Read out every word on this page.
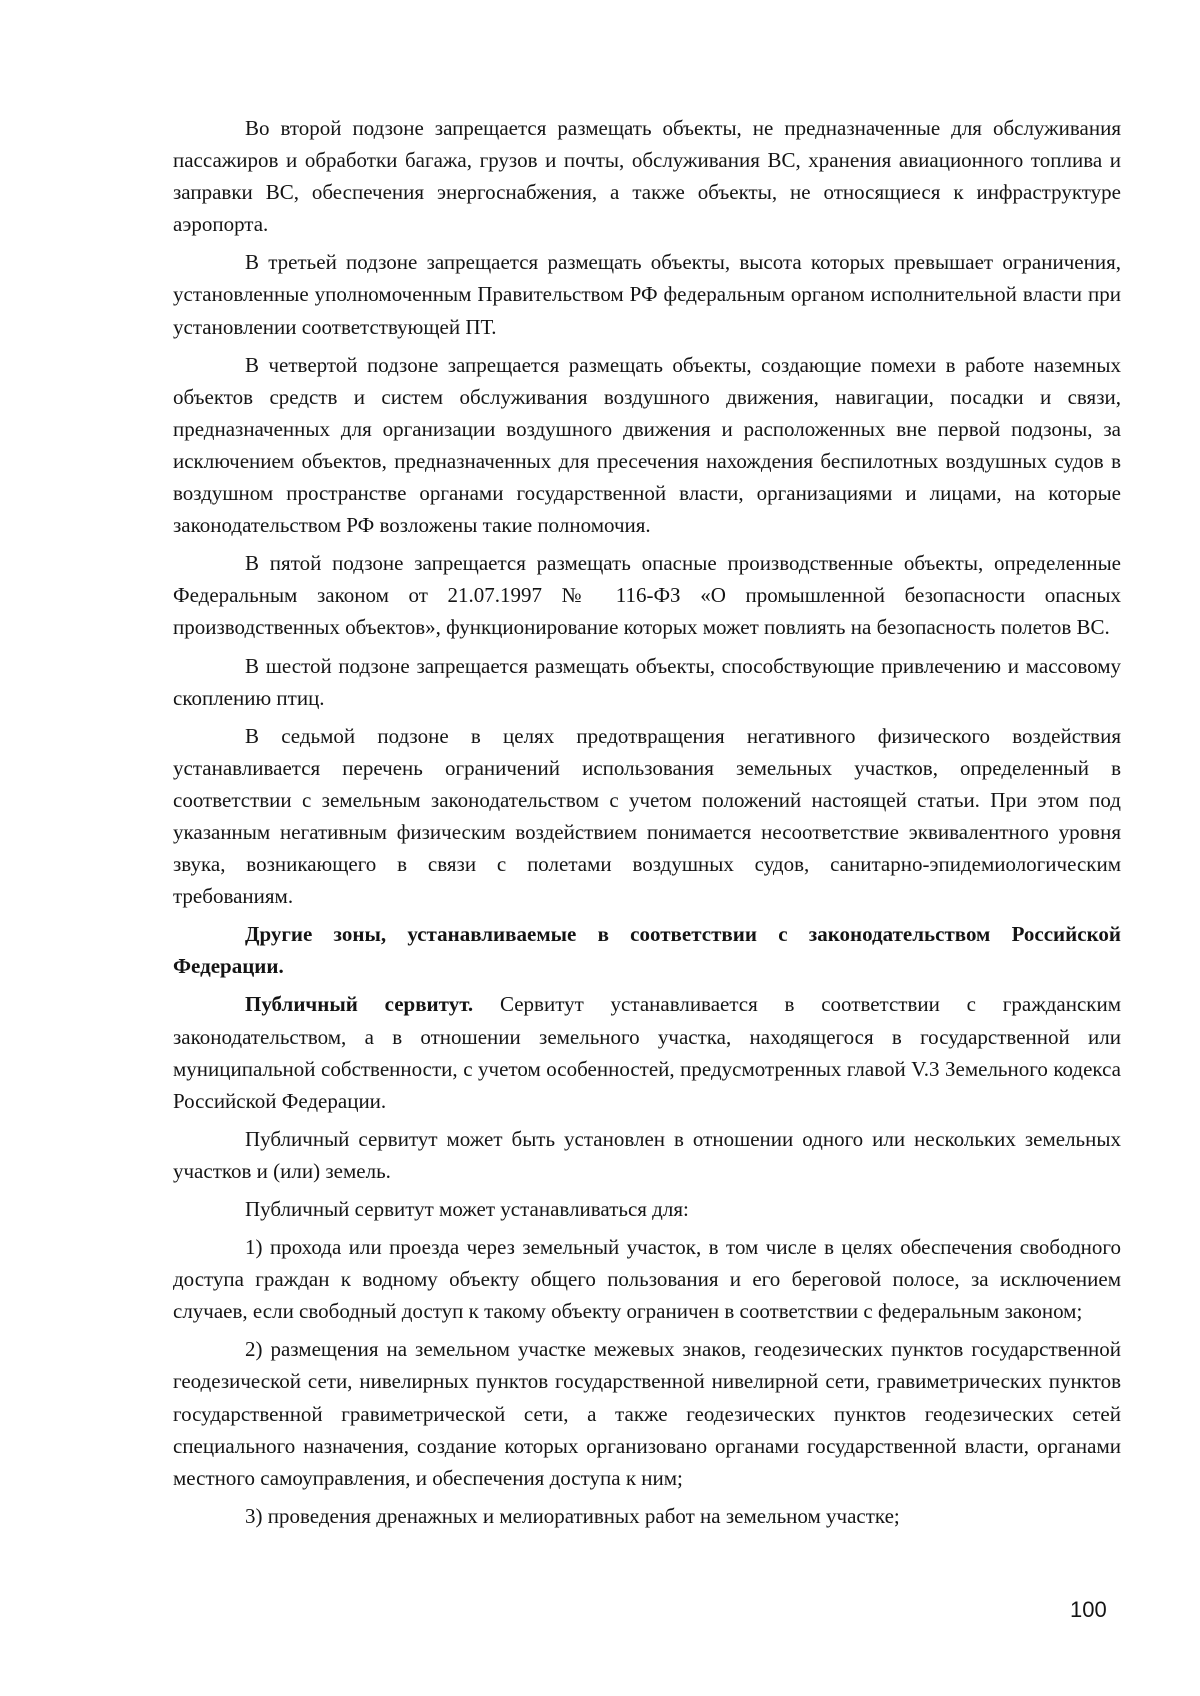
Во второй подзоне запрещается размещать объекты, не предназначенные для обслуживания пассажиров и обработки багажа, грузов и почты, обслуживания ВС, хранения авиационного топлива и заправки ВС, обеспечения энергоснабжения, а также объекты, не относящиеся к инфраструктуре аэропорта.

В третьей подзоне запрещается размещать объекты, высота которых превышает ограничения, установленные уполномоченным Правительством РФ федеральным органом исполнительной власти при установлении соответствующей ПТ.

В четвертой подзоне запрещается размещать объекты, создающие помехи в работе наземных объектов средств и систем обслуживания воздушного движения, навигации, посадки и связи, предназначенных для организации воздушного движения и расположенных вне первой подзоны, за исключением объектов, предназначенных для пресечения нахождения беспилотных воздушных судов в воздушном пространстве органами государственной власти, организациями и лицами, на которые законодательством РФ возложены такие полномочия.

В пятой подзоне запрещается размещать опасные производственные объекты, определенные Федеральным законом от 21.07.1997 № 116-ФЗ «О промышленной безопасности опасных производственных объектов», функционирование которых может повлиять на безопасность полетов ВС.

В шестой подзоне запрещается размещать объекты, способствующие привлечению и массовому скоплению птиц.

В седьмой подзоне в целях предотвращения негативного физического воздействия устанавливается перечень ограничений использования земельных участков, определенный в соответствии с земельным законодательством с учетом положений настоящей статьи. При этом под указанным негативным физическим воздействием понимается несоответствие эквивалентного уровня звука, возникающего в связи с полетами воздушных судов, санитарно-эпидемиологическим требованиям.

Другие зоны, устанавливаемые в соответствии с законодательством Российской Федерации.

Публичный сервитут. Сервитут устанавливается в соответствии с гражданским законодательством, а в отношении земельного участка, находящегося в государственной или муниципальной собственности, с учетом особенностей, предусмотренных главой V.3 Земельного кодекса Российской Федерации.

Публичный сервитут может быть установлен в отношении одного или нескольких земельных участков и (или) земель.

Публичный сервитут может устанавливаться для:

1) прохода или проезда через земельный участок, в том числе в целях обеспечения свободного доступа граждан к водному объекту общего пользования и его береговой полосе, за исключением случаев, если свободный доступ к такому объекту ограничен в соответствии с федеральным законом;

2) размещения на земельном участке межевых знаков, геодезических пунктов государственной геодезической сети, нивелирных пунктов государственной нивелирной сети, гравиметрических пунктов государственной гравиметрической сети, а также геодезических пунктов геодезических сетей специального назначения, создание которых организовано органами государственной власти, органами местного самоуправления, и обеспечения доступа к ним;

3) проведения дренажных и мелиоративных работ на земельном участке;

100
